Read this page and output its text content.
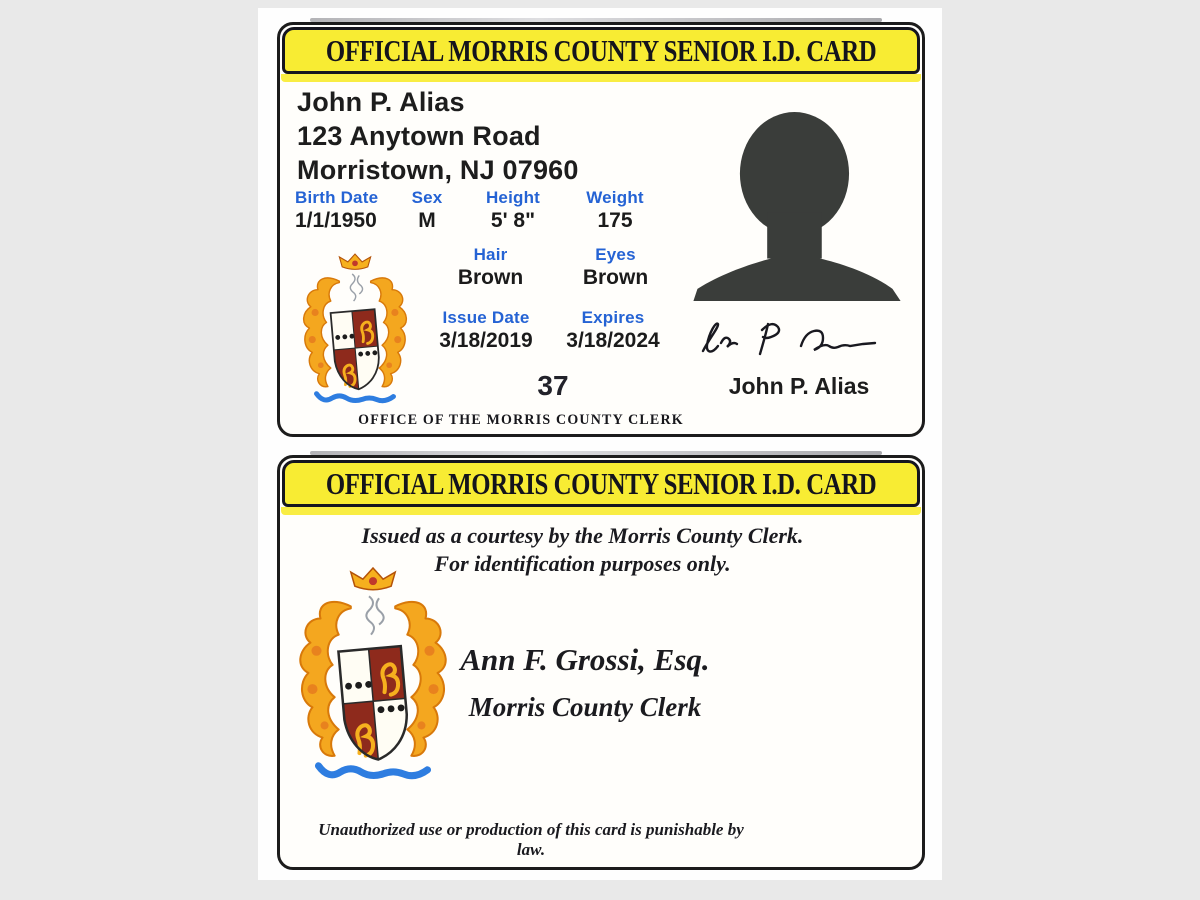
OFFICIAL MORRIS COUNTY SENIOR I.D. CARD
John P. Alias
123 Anytown Road
Morristown, NJ 07960
Birth Date
1/1/1950
Sex
M
Height
5' 8"
Weight
175
Hair
Brown
Eyes
Brown
Issue Date
3/18/2019
Expires
3/18/2024
37	John P. Alias
OFFICE OF THE MORRIS COUNTY CLERK
OFFICIAL MORRIS COUNTY SENIOR I.D. CARD
Issued as a courtesy by the Morris County Clerk.
For identification purposes only.
Ann F. Grossi, Esq.
Morris County Clerk
Unauthorized use or production of this card is punishable by law.
